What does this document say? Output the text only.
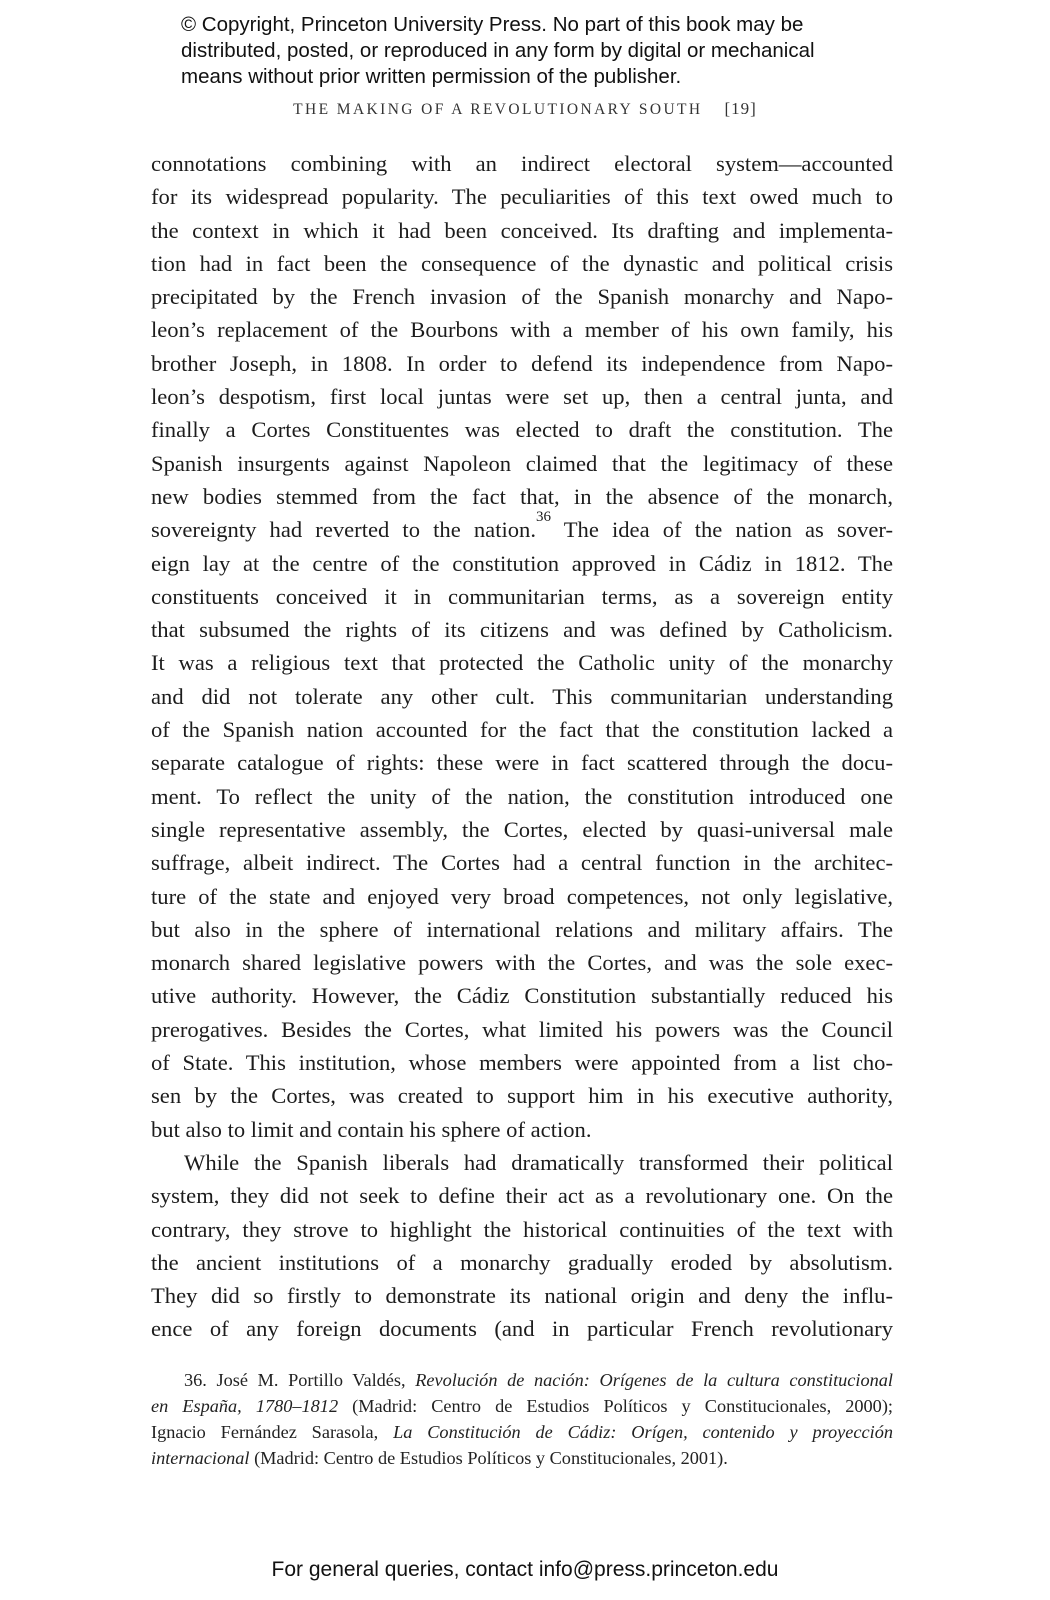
© Copyright, Princeton University Press. No part of this book may be
distributed, posted, or reproduced in any form by digital or mechanical
means without prior written permission of the publisher.
THE MAKING OF A REVOLUTIONARY SOUTH [19]
connotations combining with an indirect electoral system—accounted
for its widespread popularity. The peculiarities of this text owed much to
the context in which it had been conceived. Its drafting and implementa-
tion had in fact been the consequence of the dynastic and political crisis
precipitated by the French invasion of the Spanish monarchy and Napo-
leon’s replacement of the Bourbons with a member of his own family, his
brother Joseph, in 1808. In order to defend its independence from Napo-
leon’s despotism, first local juntas were set up, then a central junta, and
finally a Cortes Constituentes was elected to draft the constitution. The
Spanish insurgents against Napoleon claimed that the legitimacy of these
new bodies stemmed from the fact that, in the absence of the monarch,
sovereignty had reverted to the nation.$^{36}$ The idea of the nation as sover-
eign lay at the centre of the constitution approved in Cádiz in 1812. The
constituents conceived it in communitarian terms, as a sovereign entity
that subsumed the rights of its citizens and was defined by Catholicism.
It was a religious text that protected the Catholic unity of the monarchy
and did not tolerate any other cult. This communitarian understanding
of the Spanish nation accounted for the fact that the constitution lacked a
separate catalogue of rights: these were in fact scattered through the docu-
ment. To reflect the unity of the nation, the constitution introduced one
single representative assembly, the Cortes, elected by quasi-universal male
suffrage, albeit indirect. The Cortes had a central function in the architec-
ture of the state and enjoyed very broad competences, not only legislative,
but also in the sphere of international relations and military affairs. The
monarch shared legislative powers with the Cortes, and was the sole exec-
utive authority. However, the Cádiz Constitution substantially reduced his
prerogatives. Besides the Cortes, what limited his powers was the Council
of State. This institution, whose members were appointed from a list cho-
sen by the Cortes, was created to support him in his executive authority,
but also to limit and contain his sphere of action.
While the Spanish liberals had dramatically transformed their political
system, they did not seek to define their act as a revolutionary one. On the
contrary, they strove to highlight the historical continuities of the text with
the ancient institutions of a monarchy gradually eroded by absolutism.
They did so firstly to demonstrate its national origin and deny the influ-
ence of any foreign documents (and in particular French revolutionary
36. José M. Portillo Valdés, Revolución de nación: Orígenes de la cultura constitucional
en España, 1780–1812 (Madrid: Centro de Estudios Políticos y Constitucionales, 2000);
Ignacio Fernández Sarasola, La Constitución de Cádiz: Orígen, contenido y proyección
internacional (Madrid: Centro de Estudios Políticos y Constitucionales, 2001).
For general queries, contact info@press.princeton.edu
